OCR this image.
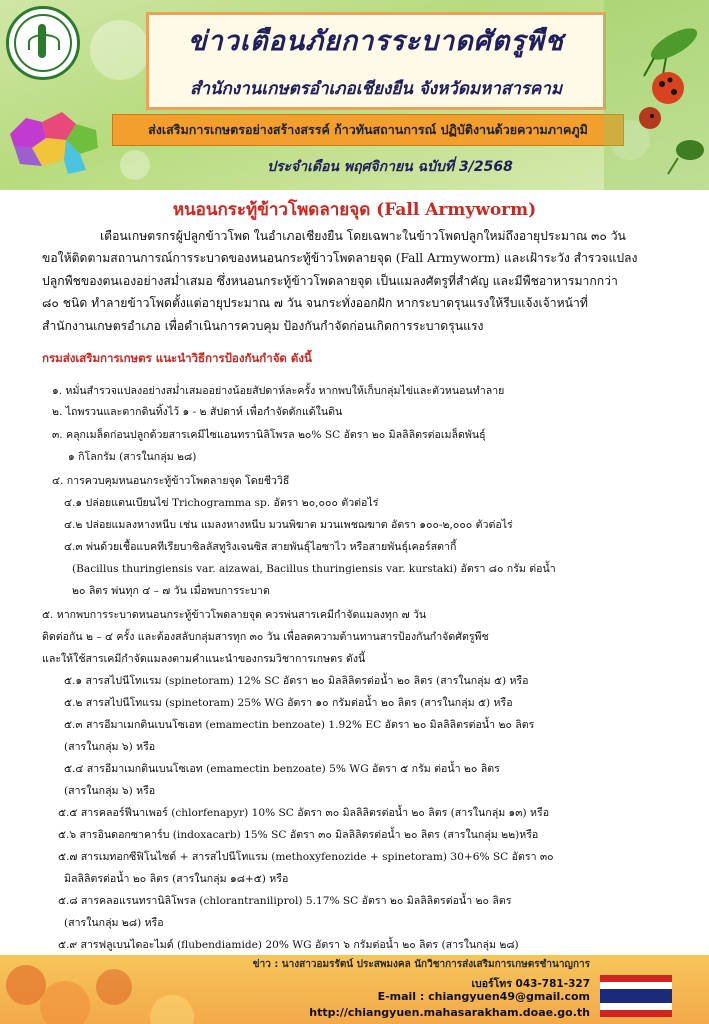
ข่าวเตือนภัยการระบาดศัตรูพืช
สำนักงานเกษตรอำเภอเชียงยืน จังหวัดมหาสารคาม
ส่งเสริมการเกษตรอย่างสร้างสรรค์ ก้าวทันสถานการณ์ ปฏิบัติงานด้วยความภาคภูมิ
ประจำเดือน พฤศจิกายน ฉบับที่ 3/2568
หนอนกระทู้ข้าวโพดลายจุด (Fall Armyworm)

เตือนเกษตรกรผู้ปลูกข้าวโพด ในอำเภอเชียงยืน โดยเฉพาะในข้าวโพดปลูกใหม่ถึงอายุประมาณ ๓๐ วัน

ขอให้ติดตามสถานการณ์การระบาดของหนอนกระทู้ข้าวโพดลายจุด (Fall Armyworm) และเฝ้าระวัง สำรวจแปลง

ปลูกพืชของตนเองอย่างสม่ำเสมอ ซึ่งหนอนกระทู้ข้าวโพดลายจุด เป็นแมลงศัตรูที่สำคัญ และมีพืชอาหารมากกว่า

๘๐ ชนิด ทำลายข้าวโพดตั้งแต่อายุประมาณ ๗ วัน จนกระทั่งออกฝัก หากระบาดรุนแรงให้รีบแจ้งเจ้าหน้าที่

สำนักงานเกษตรอำเภอ เพื่อดำเนินการควบคุม ป้องกันกำจัดก่อนเกิดการระบาดรุนแรง

กรมส่งเสริมการเกษตร แนะนำวิธีการป้องกันกำจัด ดังนี้
๑. หมั่นสำรวจแปลงอย่างสม่ำเสมออย่างน้อยสัปดาห์ละครั้ง หากพบให้เก็บกลุ่มไข่และตัวหนอนทำลาย
๒. ไถพรวนและตากดินทิ้งไว้ ๑ - ๒ สัปดาห์ เพื่อกำจัดดักแด้ในดิน
๓. คลุกเมล็ดก่อนปลูกด้วยสารเคมีไซแอนทรานิลิโพรล ๒๐% SC อัตรา ๒๐ มิลลิลิตรต่อเมล็ดพันธุ์
๑ กิโลกรัม (สารในกลุ่ม ๒๘)
๔. การควบคุมหนอนกระทู้ข้าวโพดลายจุด โดยชีววิธี
๔.๑ ปล่อยแตนเบียนไข่ Trichogramma sp. อัตรา ๒๐,๐๐๐ ตัวต่อไร่
๔.๒ ปล่อยแมลงหางหนีบ เช่น แมลงหางหนีบ มวนพิฆาต มวนเพชฌฆาต อัตรา ๑๐๐-๒,๐๐๐ ตัวต่อไร่
๔.๓ พ่นด้วยเชื้อแบคทีเรียบาซิลลัสทูริงเจนซิส สายพันธุ์ไอซาไว หรือสายพันธุ์เคอร์สตากี้
(Bacillus thuringiensis var. aizawai, Bacillus thuringiensis var. kurstaki) อัตรา ๘๐ กรัม ต่อน้ำ
๒๐ ลิตร พ่นทุก ๔ – ๗ วัน เมื่อพบการระบาด
๕. หากพบการระบาดหนอนกระทู้ข้าวโพดลายจุด ควรพ่นสารเคมีกำจัดแมลงทุก ๗ วัน
ติดต่อกัน ๒ – ๔ ครั้ง และต้องสลับกลุ่มสารทุก ๓๐ วัน เพื่อลดความต้านทานสารป้องกันกำจัดศัตรูพืช
และให้ใช้สารเคมีกำจัดแมลงตามคำแนะนำของกรมวิชาการเกษตร ดังนี้
๕.๑ สารสไปนีโทแรม (spinetoram) 12% SC อัตรา ๒๐ มิลลิลิตรต่อน้ำ ๒๐ ลิตร (สารในกลุ่ม ๕) หรือ
๕.๒ สารสไปนีโทแรม (spinetoram) 25% WG อัตรา ๑๐ กรัมต่อน้ำ ๒๐ ลิตร (สารในกลุ่ม ๕) หรือ
๕.๓ สารอีมาเมกตินเบนโซเอท (emamectin benzoate) 1.92% EC อัตรา ๒๐ มิลลิลิตรต่อน้ำ ๒๐ ลิตร
(สารในกลุ่ม ๖) หรือ
๕.๔ สารอีมาเมกตินเบนโซเอท (emamectin benzoate) 5% WG อัตรา ๕ กรัม ต่อน้ำ ๒๐ ลิตร
(สารในกลุ่ม ๖) หรือ
๕.๕ สารคลอร์ฟีนาเพอร์ (chlorfenapyr) 10% SC อัตรา ๓๐ มิลลิลิตรต่อน้ำ ๒๐ ลิตร (สารในกลุ่ม ๑๓) หรือ
๕.๖ สารอินดอกซาคาร์บ (indoxacarb) 15% SC อัตรา ๓๐ มิลลิลิตรต่อน้ำ ๒๐ ลิตร (สารในกลุ่ม ๒๒)หรือ
๕.๗ สารเมทอกซีฟิโนไซด์ + สารสไปนีโทแรม (methoxyfenozide + spinetoram) 30+6% SC อัตรา ๓๐
มิลลิลิตรต่อน้ำ ๒๐ ลิตร (สารในกลุ่ม ๑๘+๕) หรือ
๕.๘ สารคลอแรนทรานิลิโพรล (chlorantraniliprol) 5.17% SC อัตรา ๒๐ มิลลิลิตรต่อน้ำ ๒๐ ลิตร
(สารในกลุ่ม ๒๘) หรือ
๕.๙ สารฟลูเบนไดอะไมด์ (flubendiamide) 20% WG อัตรา ๖ กรัมต่อน้ำ ๒๐ ลิตร (สารในกลุ่ม ๒๘)
ข่าว : นางสาวอมรรัตน์ ประสพมงคล นักวิชาการส่งเสริมการเกษตรชำนาญการ
เบอร์โทร 043-781-327
E-mail : chiangyuen49@gmail.com
http://chiangyuen.mahasarakham.doae.go.th
